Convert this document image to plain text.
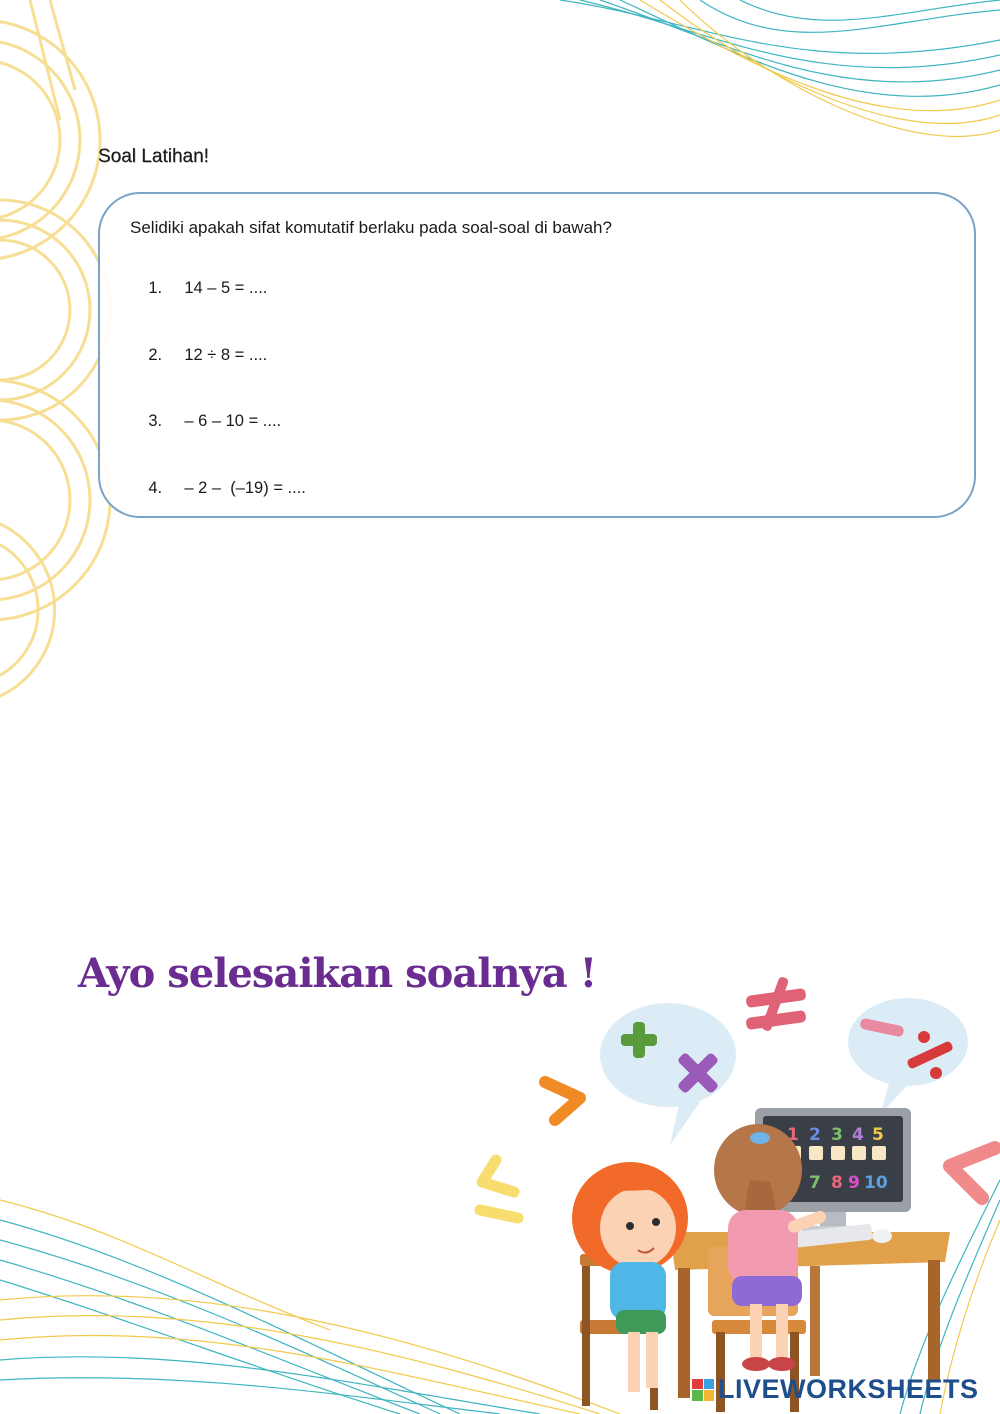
Soal Latihan!
Selidiki apakah sifat komutatif berlaku pada soal-soal di bawah?

1. 14 – 5 = ....

2. 12 ÷ 8 = ....

3. – 6 – 10 = ....

4. – 2 –  (–19) = ....

Ayo selesaikan soalnya !
1 2 3 4 5
7 8 9 10
LIVEWORKSHEETS
